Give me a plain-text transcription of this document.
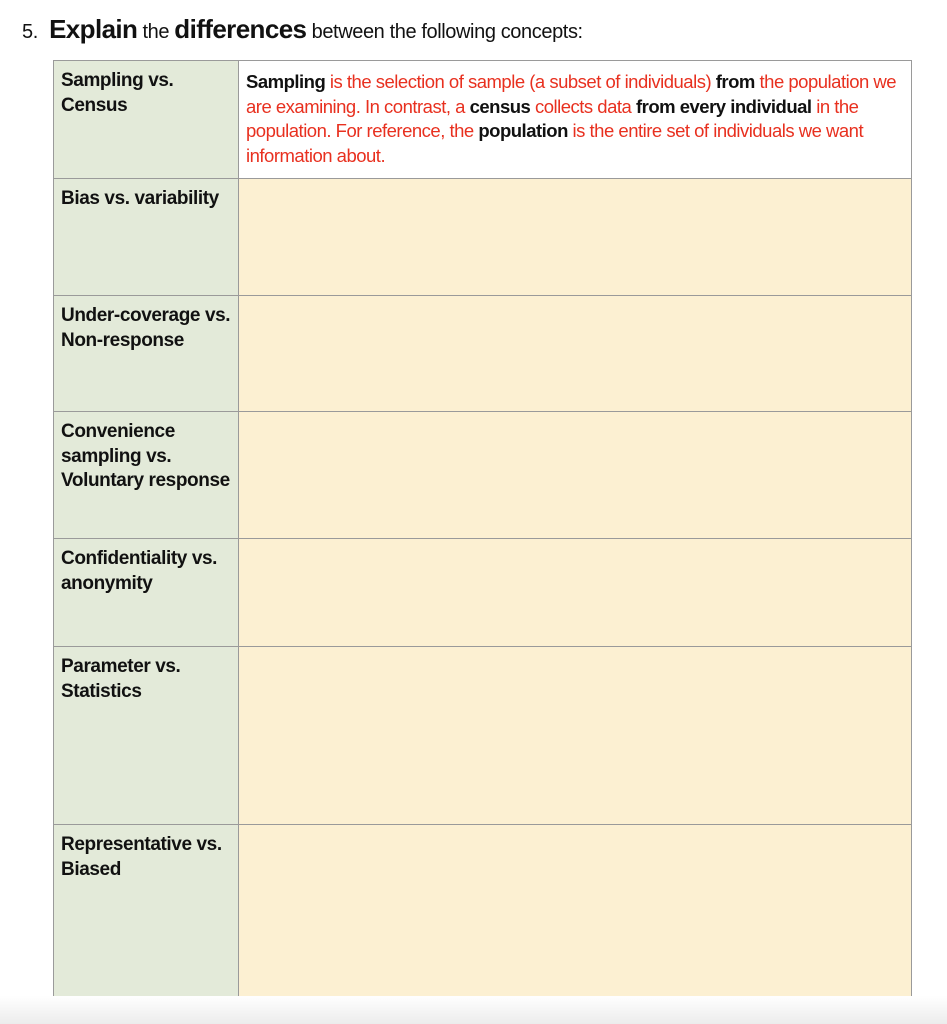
5. Explain the differences between the following concepts:
Sampling vs. Census	Sampling is the selection of sample (a subset of individuals) from the population we are examining. In contrast, a census collects data from every individual in the population. For reference, the population is the entire set of individuals we want information about.
Bias vs. variability	
Under-coverage vs. Non-response	
Convenience sampling vs. Voluntary response	
Confidentiality vs. anonymity	
Parameter vs. Statistics	
Representative vs. Biased	
